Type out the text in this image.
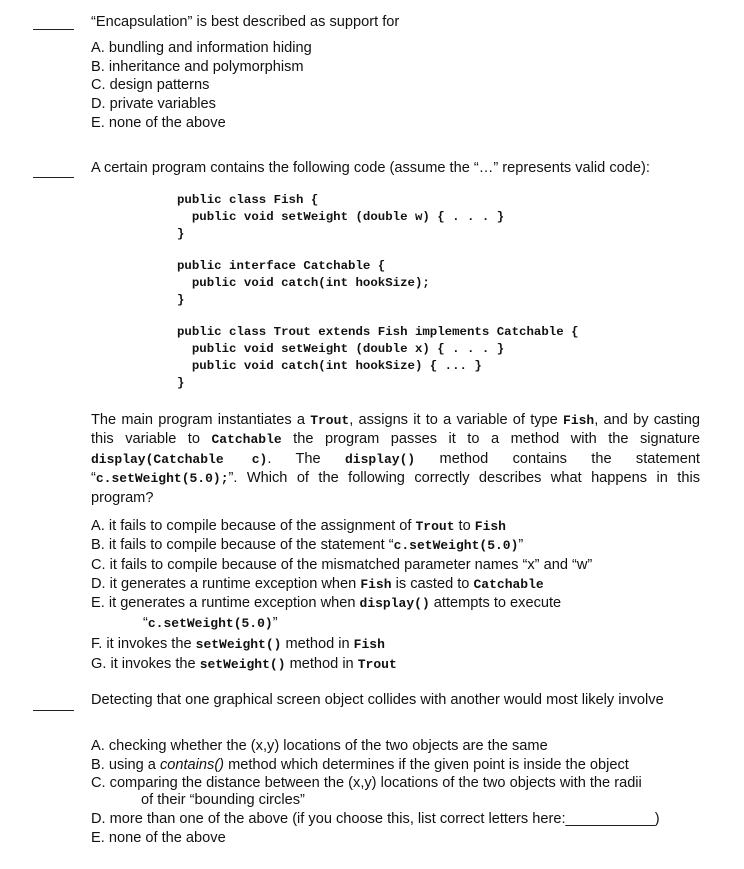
“Encapsulation” is best described as support for
A. bundling and information hiding
B. inheritance and polymorphism
C. design patterns
D. private variables
E. none of the above
A certain program contains the following code (assume the “…” represents valid code):
public class Fish {
public void setWeight (double w) { . . . }
}
public interface Catchable {
public void catch(int hookSize);
}
public class Trout extends Fish implements Catchable {
public void setWeight (double x) { . . . }
public void catch(int hookSize) { ... }
}
The main program instantiates a Trout, assigns it to a variable of type Fish, and by casting this variable to Catchable the program passes it to a method with the signature display(Catchable c). The display() method contains the statement “c.setWeight(5.0);”. Which of the following correctly describes what happens in this program?
A. it fails to compile because of the assignment of Trout to Fish
B. it fails to compile because of the statement “c.setWeight(5.0)”
C. it fails to compile because of the mismatched parameter names “x” and “w”
D. it generates a runtime exception when Fish is casted to Catchable
E. it generates a runtime exception when display() attempts to execute
“c.setWeight(5.0)”
F. it invokes the setWeight() method in Fish
G. it invokes the setWeight() method in Trout
Detecting that one graphical screen object collides with another would most likely involve
A. checking whether the (x,y) locations of the two objects are the same
B. using a contains() method which determines if the given point is inside the object
C. comparing the distance between the (x,y) locations of the two objects with the radii
of their “bounding circles”
D. more than one of the above (if you choose this, list correct letters here:___________)
E. none of the above
